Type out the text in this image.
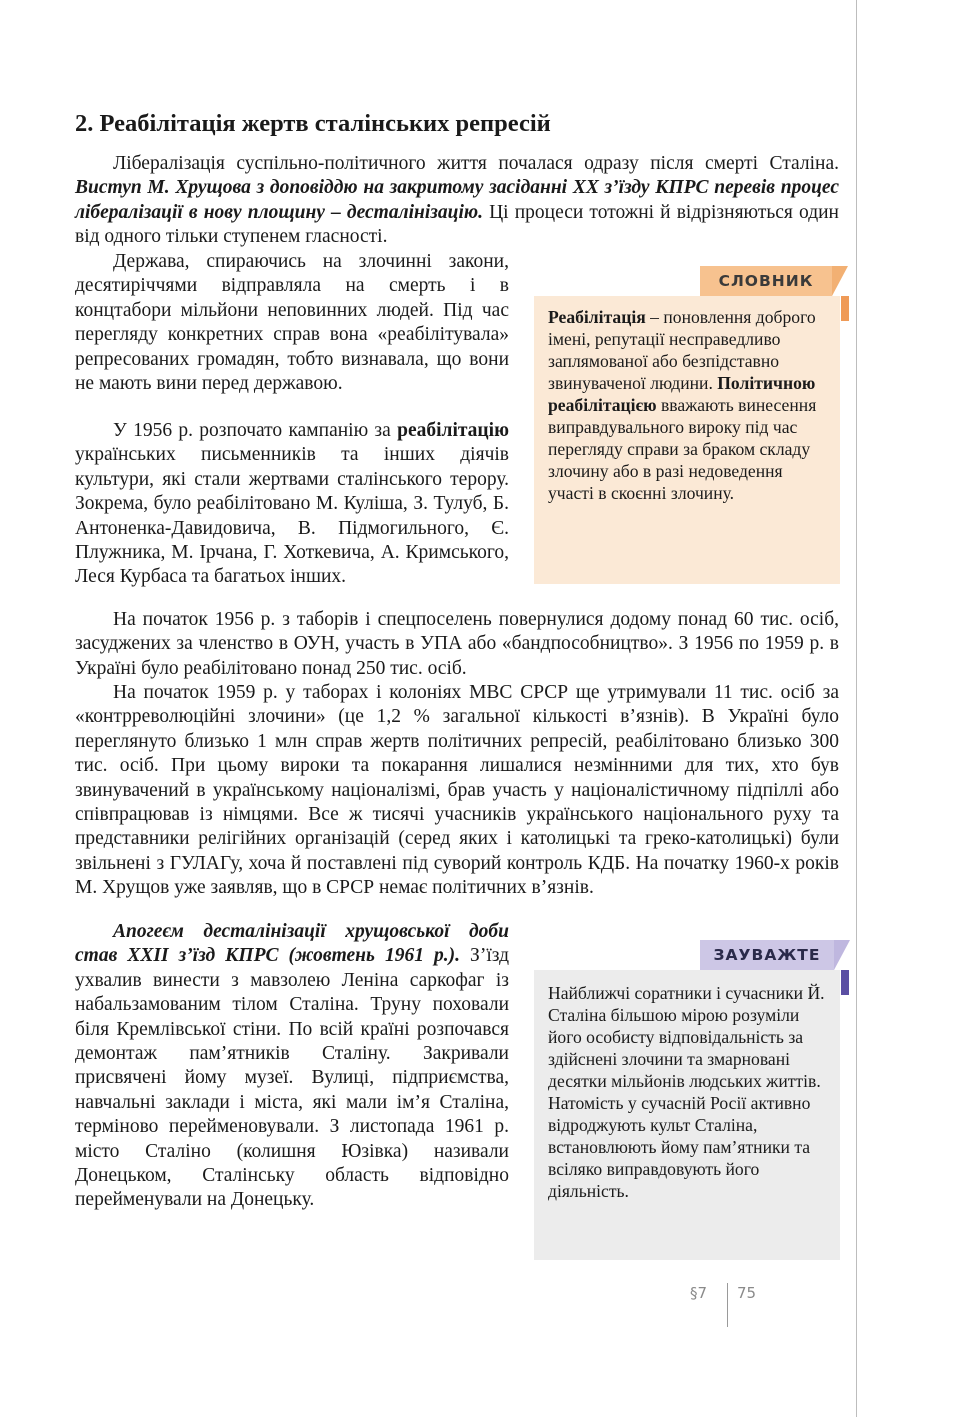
2. Реабілітація жертв сталінських репресій

Лібералізація суспільно-політичного життя почалася одразу після смерті Сталіна. Виступ М. Хрущова з доповіддю на закритому засіданні ХХ з’їзду КПРС перевів процес лібералізації в нову площину – десталінізацію. Ці процеси тотожні й відрізняються один від одного тільки ступенем гласності.

Держава, спираючись на злочинні закони, десятиріччями відправляла на смерть і в концтабори мільйони неповинних людей. Під час перегляду конкретних справ вона «реабілітувала» репресованих громадян, тобто визнавала, що вони не мають вини перед державою.

У 1956 р. розпочато кампанію за реабілітацію українських письменників та інших діячів культури, які стали жертвами сталінського терору. Зокрема, було реабілітовано М. Куліша, З. Тулуб, Б. Антоненка-Давидовича, В. Підмогильного, Є. Плужника, М. Ірчана, Г. Хоткевича, А. Кримського, Леся Курбаса та багатьох інших.

На початок 1956 р. з таборів і спецпоселень повернулися додому понад 60 тис. осіб, засуджених за членство в ОУН, участь в УПА або «бандпособництво». З 1956 по 1959 р. в Україні було реабілітовано понад 250 тис. осіб.

На початок 1959 р. у таборах і колоніях МВС СРСР ще утримували 11 тис. осіб за «контрреволюційні злочини» (це 1,2 % загальної кількості в’язнів). В Україні було переглянуто близько 1 млн справ жертв політичних репресій, реабілітовано близько 300 тис. осіб. При цьому вироки та покарання лишалися незмінними для тих, хто був звинувачений в українському націоналізмі, брав участь у націоналістичному підпіллі або співпрацював із німцями. Все ж тисячі учасників українського національного руху та представники релігійних організацій (серед яких і католицькі та греко-католицькі) були звільнені з ГУЛАГу, хоча й поставлені під суворий контроль КДБ. На початку 1960-х років М. Хрущов уже заявляв, що в СРСР немає політичних в’язнів.

Апогеєм десталінізації хрущовської доби став ХХІІ з’їзд КПРС (жовтень 1961 р.). З’їзд ухвалив винести з мавзолею Леніна саркофаг із набальзамованим тілом Сталіна. Труну поховали біля Кремлівської стіни. По всій країні розпочався демонтаж пам’ятників Сталіну. Закривали присвячені йому музеї. Вулиці, підприємства, навчальні заклади і міста, які мали ім’я Сталіна, терміново перейменовували. З листопада 1961 р. місто Сталіно (колишня Юзівка) називали Донецьком, Сталінську область відповідно перейменували на Донецьку.

СЛОВНИК
Реабілітація – поновлення доброго імені, репутації несправедливо заплямованої або безпідставно звинуваченої людини. Політичною реабілітацією вважають винесення виправдувального вироку під час перегляду справи за браком складу злочину або в разі недоведення участі в скоєнні злочину.
ЗАУВАЖТЕ
Найближчі соратники і сучасники Й. Сталіна більшою мірою розуміли його особисту відповідальність за здійснені злочини та змарновані десятки мільйонів людських життів. Натомість у сучасній Росії активно відроджують культ Сталіна, встановлюють йому пам’ятники та всіляко виправдовують його діяльність.
§7 75
